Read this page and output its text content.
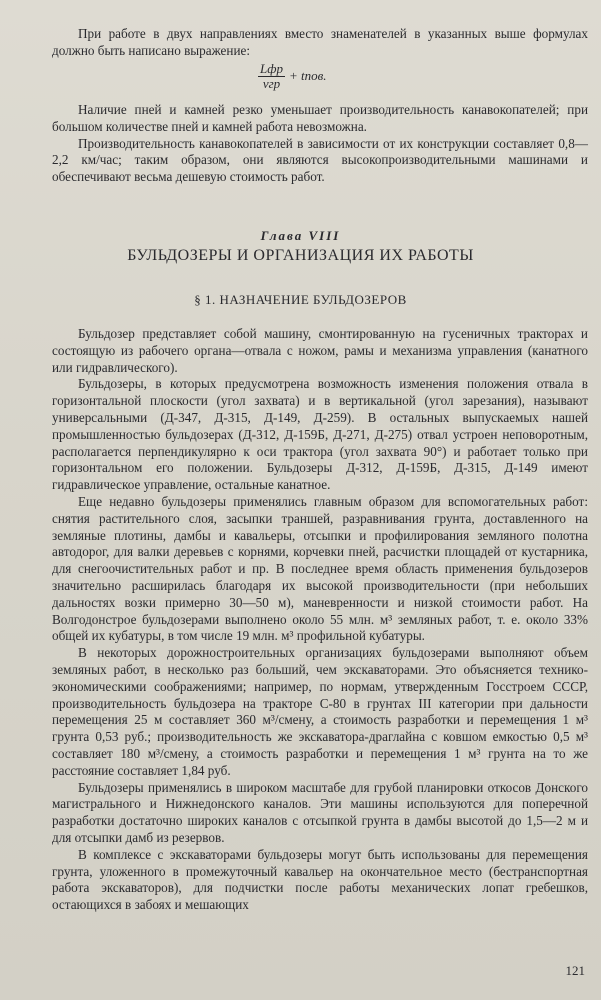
При работе в двух направлениях вместо знаменателей в указанных выше формулах должно быть написано выражение:

$\frac{\text{Lфр}}{\text{vгр}}$ + tпов.

Наличие пней и камней резко уменьшает производительность канавокопателей; при большом количестве пней и камней работа невозможна.

Производительность канавокопателей в зависимости от их конструкции составляет 0,8—2,2 км/час; таким образом, они являются высокопроизводительными машинами и обеспечивают весьма дешевую стоимость работ.

Глава VIII
БУЛЬДОЗЕРЫ И ОРГАНИЗАЦИЯ ИХ РАБОТЫ
§ 1. НАЗНАЧЕНИЕ БУЛЬДОЗЕРОВ

Бульдозер представляет собой машину, смонтированную на гусеничных тракторах и состоящую из рабочего органа—отвала с ножом, рамы и механизма управления (канатного или гидравлического).

Бульдозеры, в которых предусмотрена возможность изменения положения отвала в горизонтальной плоскости (угол захвата) и в вертикальной (угол зарезания), называют универсальными (Д-347, Д-315, Д-149, Д-259). В остальных выпускаемых нашей промышленностью бульдозерах (Д-312, Д-159Б, Д-271, Д-275) отвал устроен неповоротным, располагается перпендикулярно к оси трактора (угол захвата 90°) и работает только при горизонтальном его положении. Бульдозеры Д-312, Д-159Б, Д-315, Д-149 имеют гидравлическое управление, остальные канатное.

Еще недавно бульдозеры применялись главным образом для вспомогательных работ: снятия растительного слоя, засыпки траншей, разравнивания грунта, доставленного на земляные плотины, дамбы и кавальеры, отсыпки и профилирования земляного полотна автодорог, для валки деревьев с корнями, корчевки пней, расчистки площадей от кустарника, для снегоочистительных работ и пр. В последнее время область применения бульдозеров значительно расширилась благодаря их высокой производительности (при небольших дальностях возки примерно 30—50 м), маневренности и низкой стоимости работ. На Волгодонстрое бульдозерами выполнено около 55 млн. м³ земляных работ, т. е. около 33% общей их кубатуры, в том числе 19 млн. м³ профильной кубатуры.

В некоторых дорожностроительных организациях бульдозерами выполняют объем земляных работ, в несколько раз больший, чем экскаваторами. Это объясняется технико-экономическими соображениями; например, по нормам, утвержденным Госстроем СССР, производительность бульдозера на тракторе С-80 в грунтах III категории при дальности перемещения 25 м составляет 360 м³/смену, а стоимость разработки и перемещения 1 м³ грунта 0,53 руб.; производительность же экскаватора-драглайна с ковшом емкостью 0,5 м³ составляет 180 м³/смену, а стоимость разработки и перемещения 1 м³ грунта на то же расстояние составляет 1,84 руб.

Бульдозеры применялись в широком масштабе для грубой планировки откосов Донского магистрального и Нижнедонского каналов. Эти машины используются для поперечной разработки достаточно широких каналов с отсыпкой грунта в дамбы высотой до 1,5—2 м и для отсыпки дамб из резервов.

В комплексе с экскаваторами бульдозеры могут быть использованы для перемещения грунта, уложенного в промежуточный кавальер на окончательное место (бестранспортная работа экскаваторов), для подчистки после работы механических лопат гребешков, остающихся в забоях и мешающих

121
